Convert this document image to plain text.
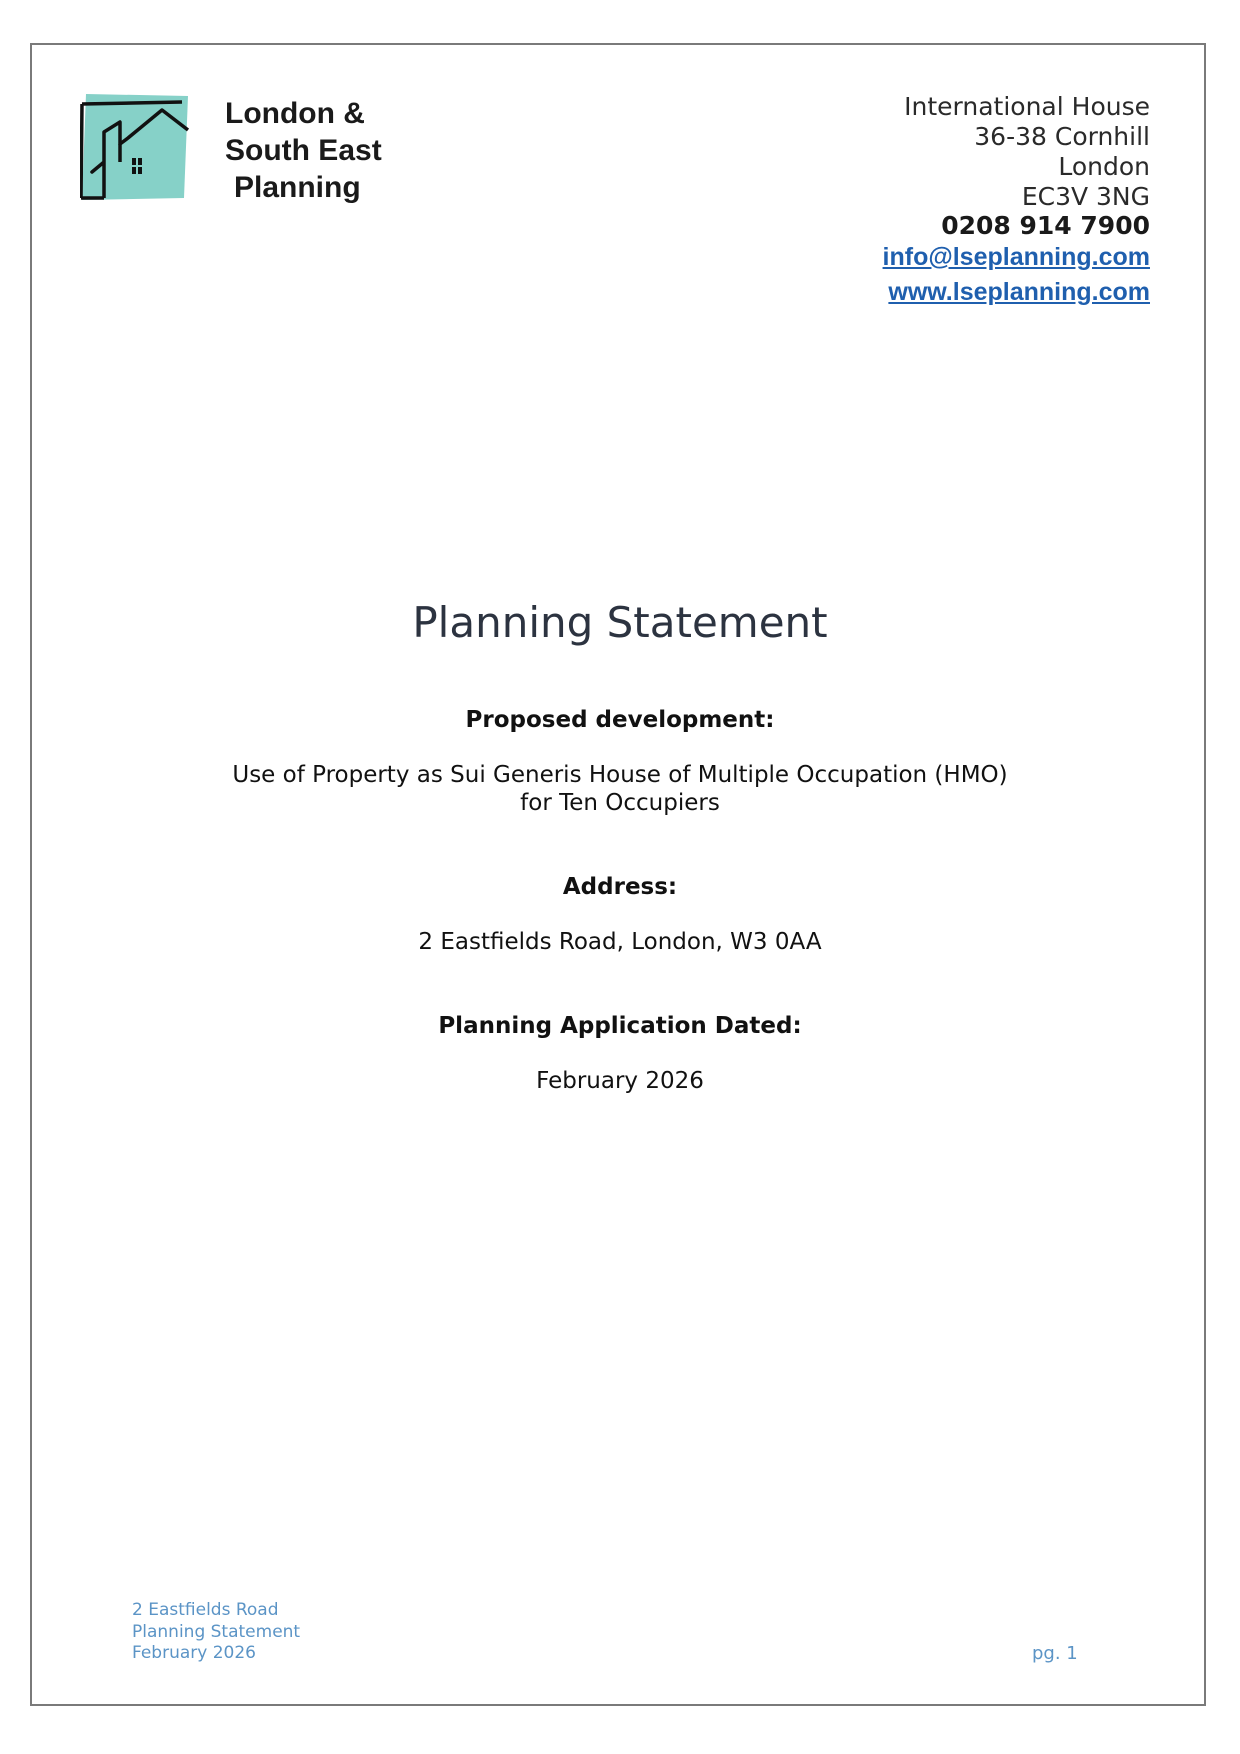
London &
South East
Planning
International House
36-38 Cornhill
London
EC3V 3NG
0208 914 7900
info@lseplanning.com
www.lseplanning.com
Planning Statement
Proposed development:
Use of Property as Sui Generis House of Multiple Occupation (HMO)
for Ten Occupiers
Address:
2 Eastfields Road, London, W3 0AA
Planning Application Dated:
February 2026
2 Eastfields Road
Planning Statement
February 2026	pg. 1
